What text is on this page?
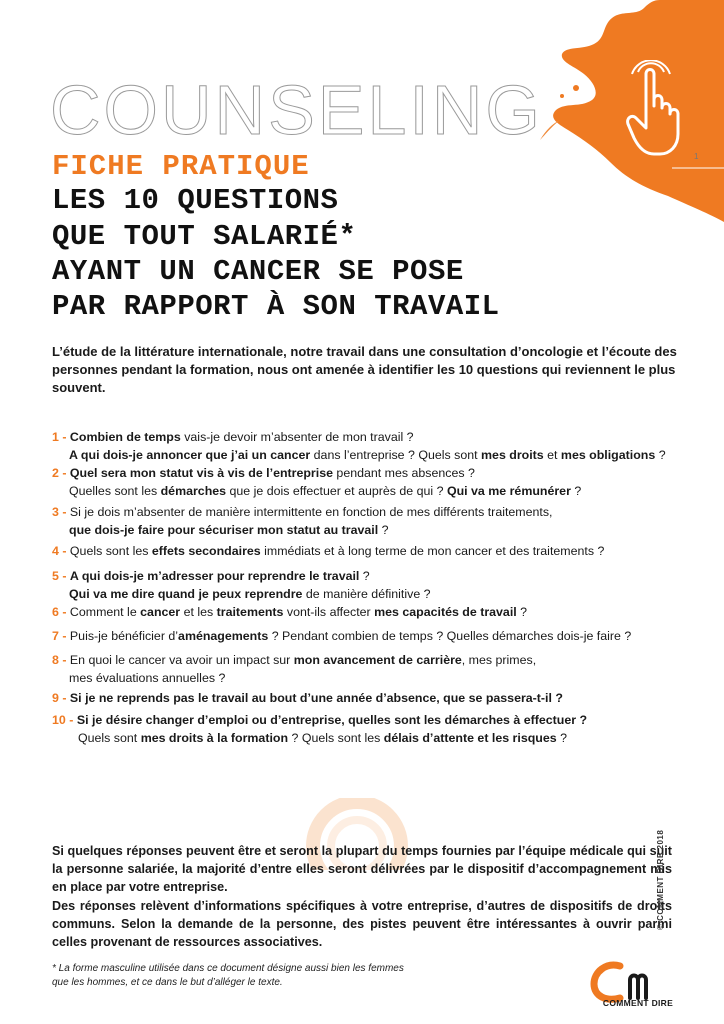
1
COUNSELING
FICHE PRATIQUE
LES 10 QUESTIONS
QUE TOUT SALARIÉ*
AYANT UN CANCER SE POSE
PAR RAPPORT À SON TRAVAIL
L’étude de la littérature internationale, notre travail dans une consultation d’oncologie et l’écoute des personnes pendant la formation, nous ont amenée à identifier les 10 questions qui reviennent le plus souvent.
1 - Combien de temps vais-je devoir m’absenter de mon travail ?
A qui dois-je annoncer que j’ai un cancer dans l’entreprise ? Quels sont mes droits et mes obligations ?
2 - Quel sera mon statut vis à vis de l’entreprise pendant mes absences ?
Quelles sont les démarches que je dois effectuer et auprès de qui ? Qui va me rémunérer ?
3 - Si je dois m’absenter de manière intermittente en fonction de mes différents traitements,
que dois-je faire pour sécuriser mon statut au travail ?
4 - Quels sont les effets secondaires immédiats et à long terme de mon cancer et des traitements ?
5 - A qui dois-je m’adresser pour reprendre le travail ?
Qui va me dire quand je peux reprendre de manière définitive ?
6 - Comment le cancer et les traitements vont-ils affecter mes capacités de travail ?
7 - Puis-je bénéficier d’aménagements ? Pendant combien de temps ? Quelles démarches dois-je faire ?
8 - En quoi le cancer va avoir un impact sur mon avancement de carrière, mes primes,
mes évaluations annuelles ?
9 - Si je ne reprends pas le travail au bout d’une année d’absence, que se passera-t-il ?
10 - Si je désire changer d’emploi ou d’entreprise, quelles sont les démarches à effectuer ?
Quels sont mes droits à la formation ? Quels sont les délais d’attente et les risques ?
Si quelques réponses peuvent être et seront la plupart du temps fournies par l’équipe médicale qui suit la personne salariée, la majorité d’entre elles seront délivrées par le dispositif d’accompagnement mis en place par votre entreprise.
Des réponses relèvent d’informations spécifiques à votre entreprise, d’autres de dispositifs de droits communs. Selon la demande de la personne, des pistes peuvent être intéressantes à ouvrir parmi celles provenant de ressources associatives.
© COMMENT DIRE 2018
* La forme masculine utilisée dans ce document désigne aussi bien les femmes que les hommes, et ce dans le but d’alléger le texte.
COMMENT DIRE
